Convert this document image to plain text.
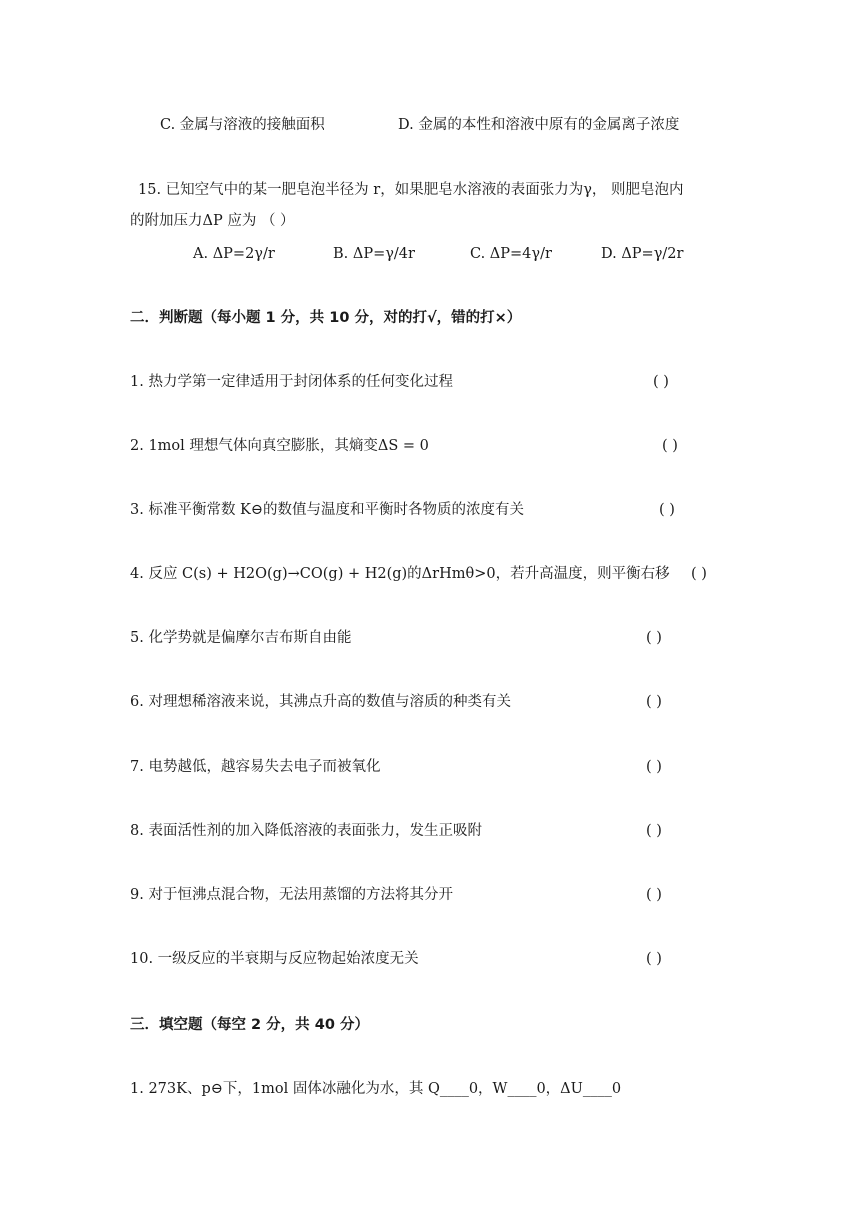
C. 金属与溶液的接触面积	D. 金属的本性和溶液中原有的金属离子浓度
15. 已知空气中的某一肥皂泡半径为 r，如果肥皂水溶液的表面张力为γ， 则肥皂泡内
的附加压力ΔP 应为 （ ）
A. ΔP=2γ/r	B. ΔP=γ/4r	C. ΔP=4γ/r	D. ΔP=γ/2r
二．判断题（每小题 1 分，共 10 分，对的打√，错的打×）
1. 热力学第一定律适用于封闭体系的任何变化过程	( )
2. 1mol 理想气体向真空膨胀，其熵变ΔS = 0	( )
3. 标准平衡常数 K⊖的数值与温度和平衡时各物质的浓度有关	( )
4. 反应 C(s) + H2O(g)→CO(g) + H2(g)的ΔrHmθ>0，若升高温度，则平衡右移 ( )
5. 化学势就是偏摩尔吉布斯自由能	( )
6. 对理想稀溶液来说，其沸点升高的数值与溶质的种类有关	( )
7. 电势越低，越容易失去电子而被氧化	( )
8. 表面活性剂的加入降低溶液的表面张力，发生正吸附	( )
9. 对于恒沸点混合物，无法用蒸馏的方法将其分开	( )
10. 一级反应的半衰期与反应物起始浓度无关	( )
三．填空题（每空 2 分，共 40 分）
1. 273K、p⊖下，1mol 固体冰融化为水，其 Q____0，W____0，ΔU____0
